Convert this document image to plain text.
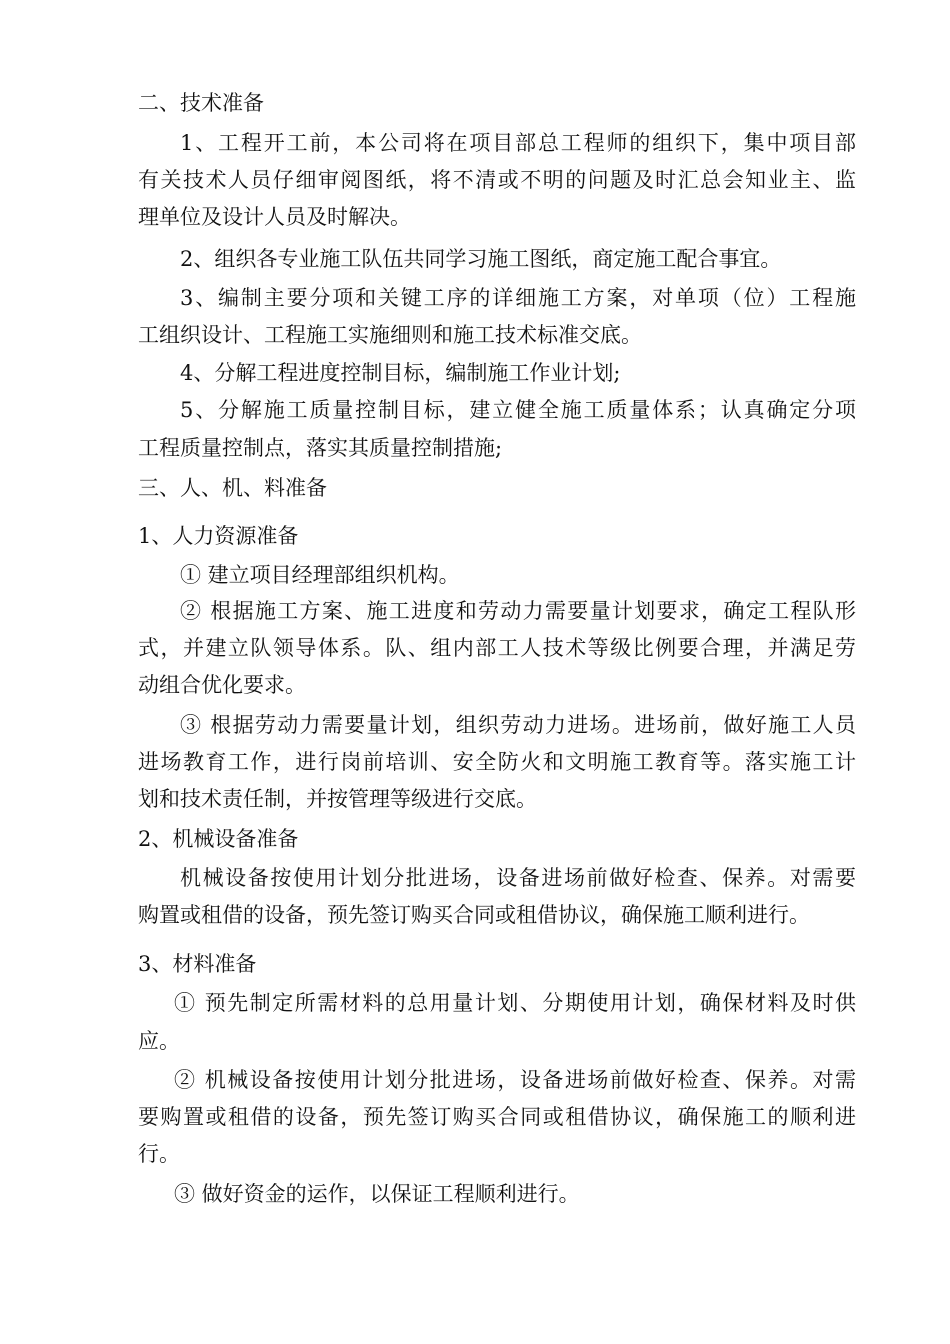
二、技术准备
1、工程开工前，本公司将在项目部总工程师的组织下，集中项目部
有关技术人员仔细审阅图纸，将不清或不明的问题及时汇总会知业主、监
理单位及设计人员及时解决。
2、组织各专业施工队伍共同学习施工图纸，商定施工配合事宜。
3、编制主要分项和关键工序的详细施工方案，对单项（位）工程施
工组织设计、工程施工实施细则和施工技术标准交底。
4、分解工程进度控制目标，编制施工作业计划;
5、分解施工质量控制目标，建立健全施工质量体系；认真确定分项
工程质量控制点，落实其质量控制措施;
三、人、机、料准备
1、人力资源准备
① 建立项目经理部组织机构。
② 根据施工方案、施工进度和劳动力需要量计划要求，确定工程队形
式，并建立队领导体系。队、组内部工人技术等级比例要合理，并满足劳
动组合优化要求。
③ 根据劳动力需要量计划，组织劳动力进场。进场前，做好施工人员
进场教育工作，进行岗前培训、安全防火和文明施工教育等。落实施工计
划和技术责任制，并按管理等级进行交底。
2、机械设备准备
机械设备按使用计划分批进场，设备进场前做好检查、保养。对需要
购置或租借的设备，预先签订购买合同或租借协议，确保施工顺利进行。
3、材料准备
① 预先制定所需材料的总用量计划、分期使用计划，确保材料及时供
应。
② 机械设备按使用计划分批进场，设备进场前做好检查、保养。对需
要购置或租借的设备，预先签订购买合同或租借协议，确保施工的顺利进
行。
③ 做好资金的运作，以保证工程顺利进行。
